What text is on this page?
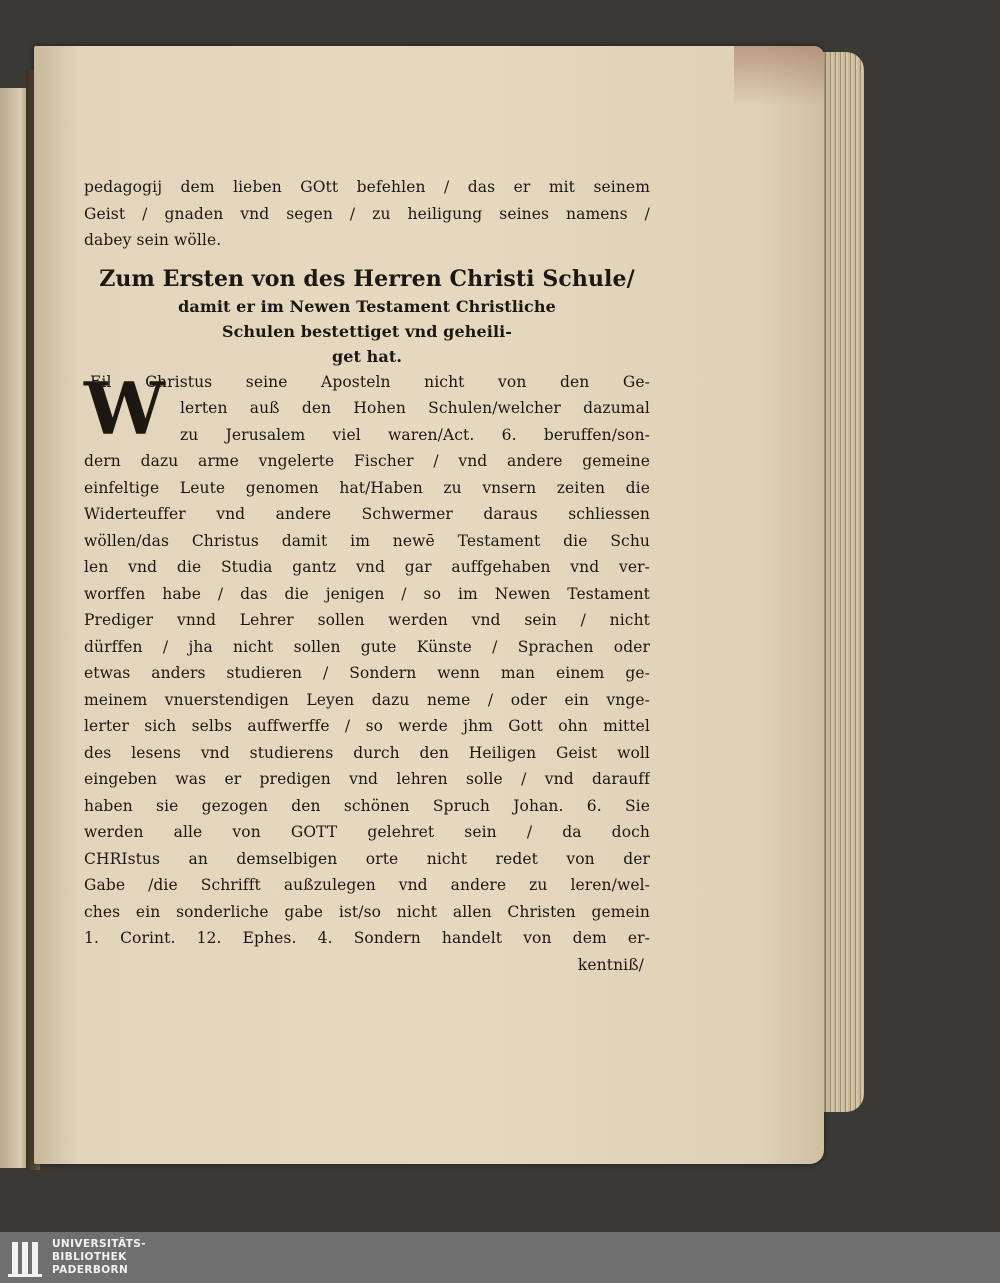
pedagogij dem lieben GOtt befehlen / das er mit seinem
Geist / gnaden vnd segen / zu heiligung seines namens /
dabey sein wölle.
Zum Ersten von des Herren Christi Schule/
damit er im Newen Testament Christliche
Schulen bestettiget vnd geheili-
get hat.
W
Eil Christus seine Aposteln nicht von den Ge-
lerten auß den Hohen Schulen/welcher dazumal
zu Jerusalem viel waren/Act. 6. beruffen/son-
dern dazu arme vngelerte Fischer / vnd andere gemeine
einfeltige Leute genomen hat/Haben zu vnsern zeiten die
Widerteuffer vnd andere Schwermer daraus schliessen
wöllen/das Christus damit im newē Testament die Schu
len vnd die Studia gantz vnd gar auffgehaben vnd ver-
worffen habe / das die jenigen / so im Newen Testament
Prediger vnnd Lehrer sollen werden vnd sein / nicht
dürffen / jha nicht sollen gute Künste / Sprachen oder
etwas anders studieren / Sondern wenn man einem ge-
meinem vnuerstendigen Leyen dazu neme / oder ein vnge-
lerter sich selbs auffwerffe / so werde jhm Gott ohn mittel
des lesens vnd studierens durch den Heiligen Geist woll
eingeben was er predigen vnd lehren solle / vnd darauff
haben sie gezogen den schönen Spruch Johan. 6. Sie
werden alle von GOTT gelehret sein / da doch
CHRIstus an demselbigen orte nicht redet von der
Gabe /die Schrifft außzulegen vnd andere zu leren/wel-
ches ein sonderliche gabe ist/so nicht allen Christen gemein
1. Corint. 12. Ephes. 4. Sondern handelt von dem er-
kentniß/
UNIVERSITÄTS-
BIBLIOTHEK
PADERBORN
